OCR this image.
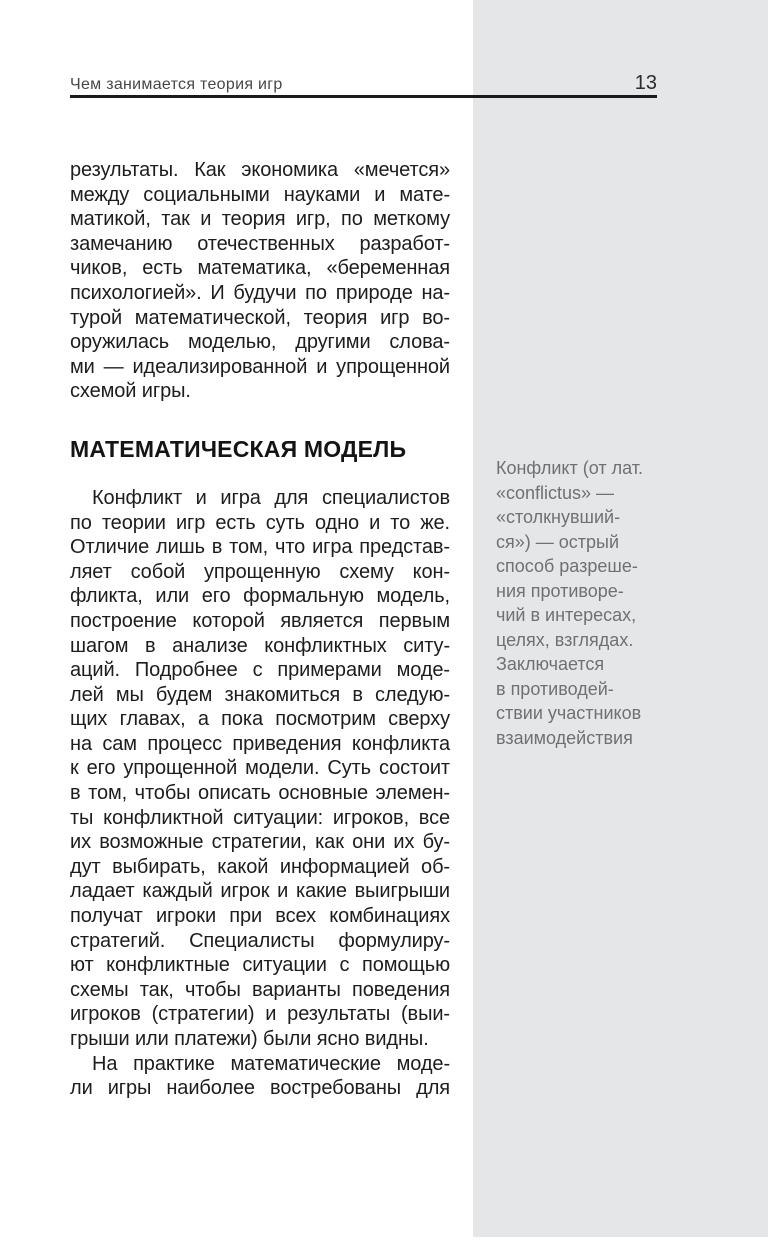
Чем занимается теория игр	13
результаты. Как экономика «мечется»
между социальными науками и мате-
матикой, так и теория игр, по меткому
замечанию отечественных разработ-
чиков, есть математика, «беременная
психологией». И будучи по природе на-
турой математической, теория игр во-
оружилась моделью, другими слова-
ми — идеализированной и упрощенной
схемой игры.
МАТЕМАТИЧЕСКАЯ МОДЕЛЬ
Конфликт и игра для специалистов
по теории игр есть суть одно и то же.
Отличие лишь в том, что игра представ-
ляет собой упрощенную схему кон-
фликта, или его формальную модель,
построение которой является первым
шагом в анализе конфликтных ситу-
аций. Подробнее с примерами моде-
лей мы будем знакомиться в следую-
щих главах, а пока посмотрим сверху
на сам процесс приведения конфликта
к его упрощенной модели. Суть состоит
в том, чтобы описать основные элемен-
ты конфликтной ситуации: игроков, все
их возможные стратегии, как они их бу-
дут выбирать, какой информацией об-
ладает каждый игрок и какие выигрыши
получат игроки при всех комбинациях
стратегий. Специалисты формулиру-
ют конфликтные ситуации с помощью
схемы так, чтобы варианты поведения
игроков (стратегии) и результаты (выи-
грыши или платежи) были ясно видны.
На практике математические моде-
ли игры наиболее востребованы для
Конфликт (от лат.
«conflictus» —
«столкнувший-
ся») — острый
способ разреше-
ния противоре-
чий в интересах,
целях, взглядах.
Заключается
в противодей-
ствии участников
взаимодействия
